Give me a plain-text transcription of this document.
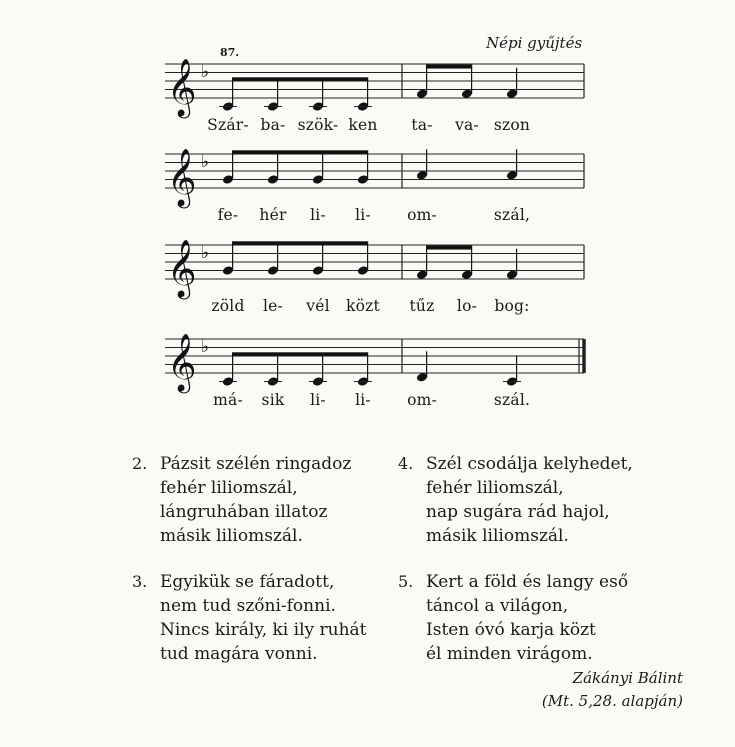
87.
Népi gyűjtés
𝄞 ♭
𝄞 ♭
𝄞 ♭
𝄞 ♭
Szár- ba- szök- ken ta- va- szon
fe- hér li- li- om-	szál,
zöld le- vél közt tűz lo- bog:
má- sik li- li- om-	szál.
2. Pázsit szélén ringadoz
fehér liliomszál,
lángruhában illatoz
másik liliomszál.
3. Egyikük se fáradott,
nem tud szőni-fonni.
Nincs király, ki ily ruhát
tud magára vonni.
4. Szél csodálja kelyhedet,
fehér liliomszál,
nap sugára rád hajol,
másik liliomszál.
5. Kert a föld és langy eső
táncol a világon,
Isten óvó karja közt
él minden virágom.
Zákányi Bálint
(Mt. 5,28. alapján)
